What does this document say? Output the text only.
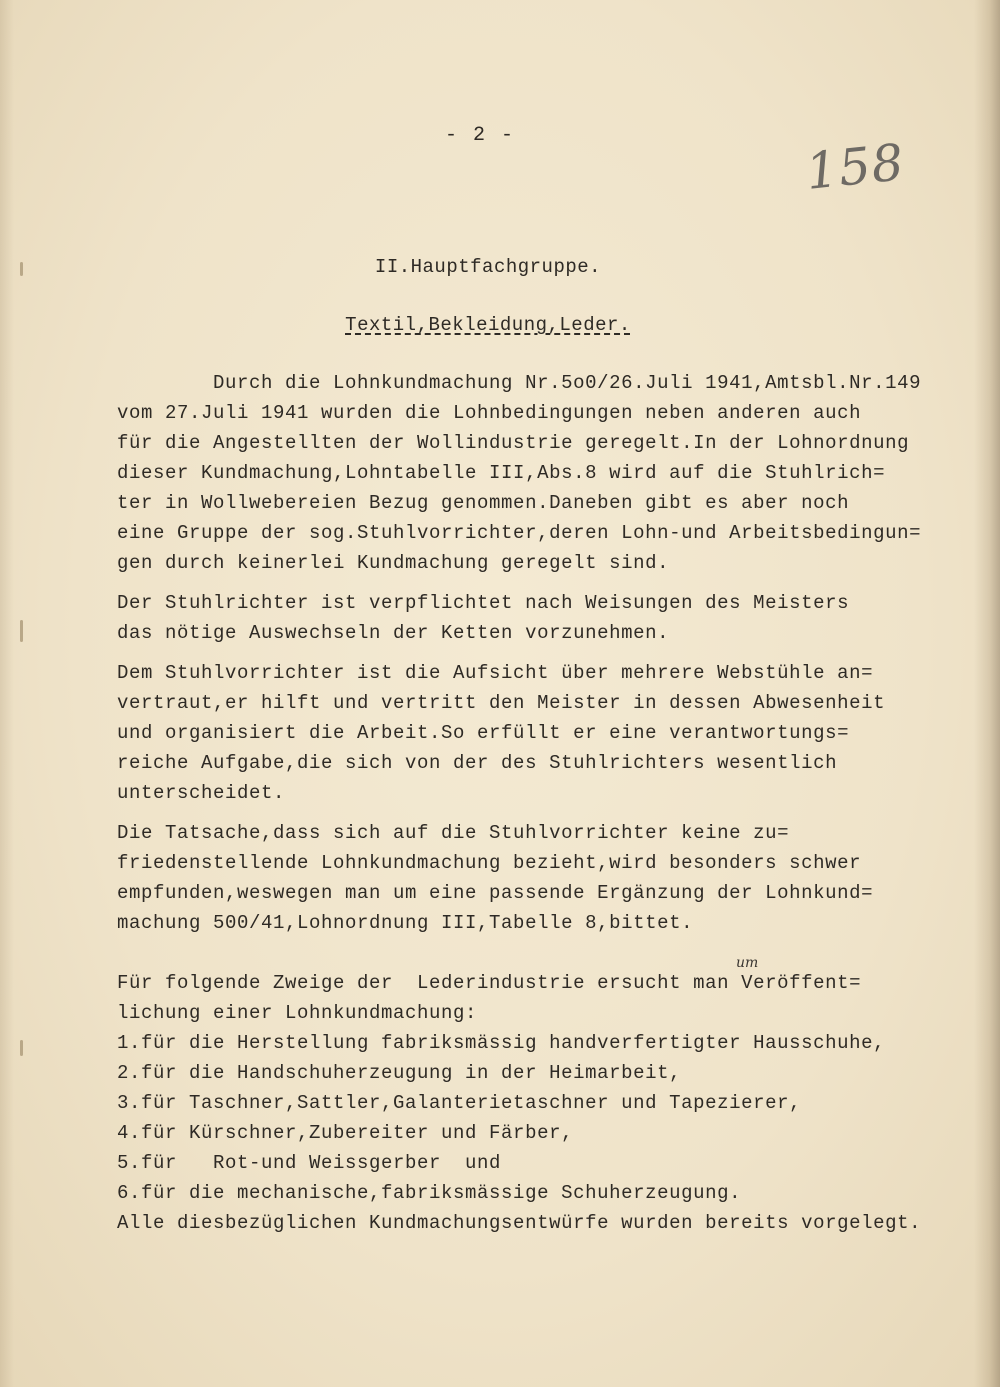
- 2 -	158
II.Hauptfachgruppe.
Textil,Bekleidung,Leder.
Durch die Lohnkundmachung Nr.5o0/26.Juli 1941,Amtsbl.Nr.149
vom 27.Juli 1941 wurden die Lohnbedingungen neben anderen auch
für die Angestellten der Wollindustrie geregelt.In der Lohnordnung
dieser Kundmachung,Lohntabelle III,Abs.8 wird auf die Stuhlrich=
ter in Wollwebereien Bezug genommen.Daneben gibt es aber noch
eine Gruppe der sog.Stuhlvorrichter,deren Lohn-und Arbeitsbedingun=
gen durch keinerlei Kundmachung geregelt sind.
Der Stuhlrichter ist verpflichtet nach Weisungen des Meisters
das nötige Auswechseln der Ketten vorzunehmen.
Dem Stuhlvorrichter ist die Aufsicht über mehrere Webstühle an=
vertraut,er hilft und vertritt den Meister in dessen Abwesenheit
und organisiert die Arbeit.So erfüllt er eine verantwortungs=
reiche Aufgabe,die sich von der des Stuhlrichters wesentlich
unterscheidet.
Die Tatsache,dass sich auf die Stuhlvorrichter keine zu=
friedenstellende Lohnkundmachung bezieht,wird besonders schwer
empfunden,weswegen man um eine passende Ergänzung der Lohnkund=
machung 500/41,Lohnordnung III,Tabelle 8,bittet.
um
Für folgende Zweige der  Lederindustrie ersucht man Veröffent=
lichung einer Lohnkundmachung:
1.für die Herstellung fabriksmässig handverfertigter Hausschuhe,
2.für die Handschuherzeugung in der Heimarbeit,
3.für Taschner,Sattler,Galanterietaschner und Tapezierer,
4.für Kürschner,Zubereiter und Färber,
5.für   Rot-und Weissgerber  und
6.für die mechanische,fabriksmässige Schuherzeugung.
Alle diesbezüglichen Kundmachungsentwürfe wurden bereits vorgelegt.
